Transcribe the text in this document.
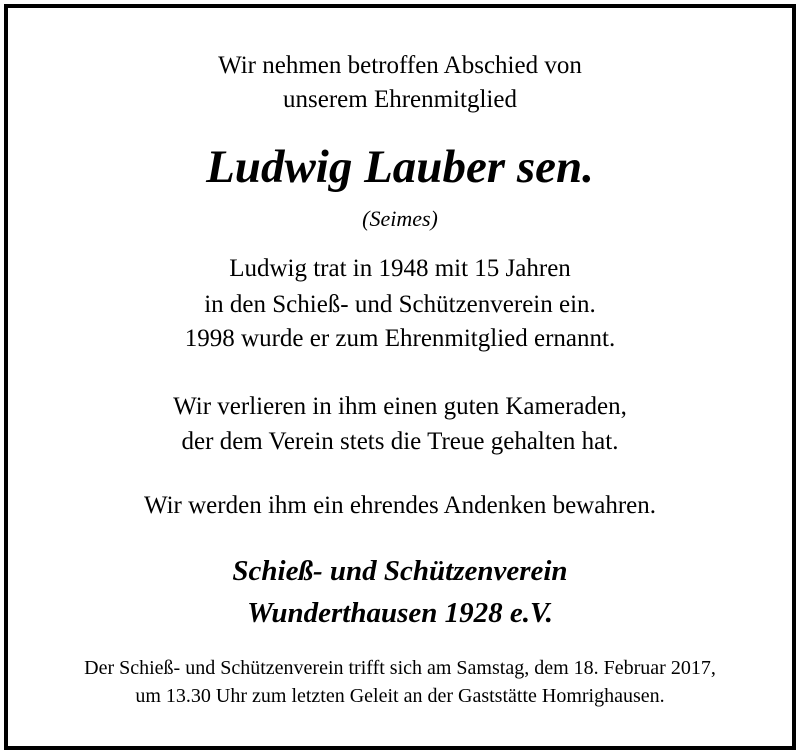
Wir nehmen betroffen Abschied von
unserem Ehrenmitglied
Ludwig Lauber sen.
(Seimes)
Ludwig trat in 1948 mit 15 Jahren
in den Schieß- und Schützenverein ein.
1998 wurde er zum Ehrenmitglied ernannt.
Wir verlieren in ihm einen guten Kameraden,
der dem Verein stets die Treue gehalten hat.
Wir werden ihm ein ehrendes Andenken bewahren.
Schieß- und Schützenverein
Wunderthausen 1928 e.V.
Der Schieß- und Schützenverein trifft sich am Samstag, dem 18. Februar 2017,
um 13.30 Uhr zum letzten Geleit an der Gaststätte Homrighausen.
